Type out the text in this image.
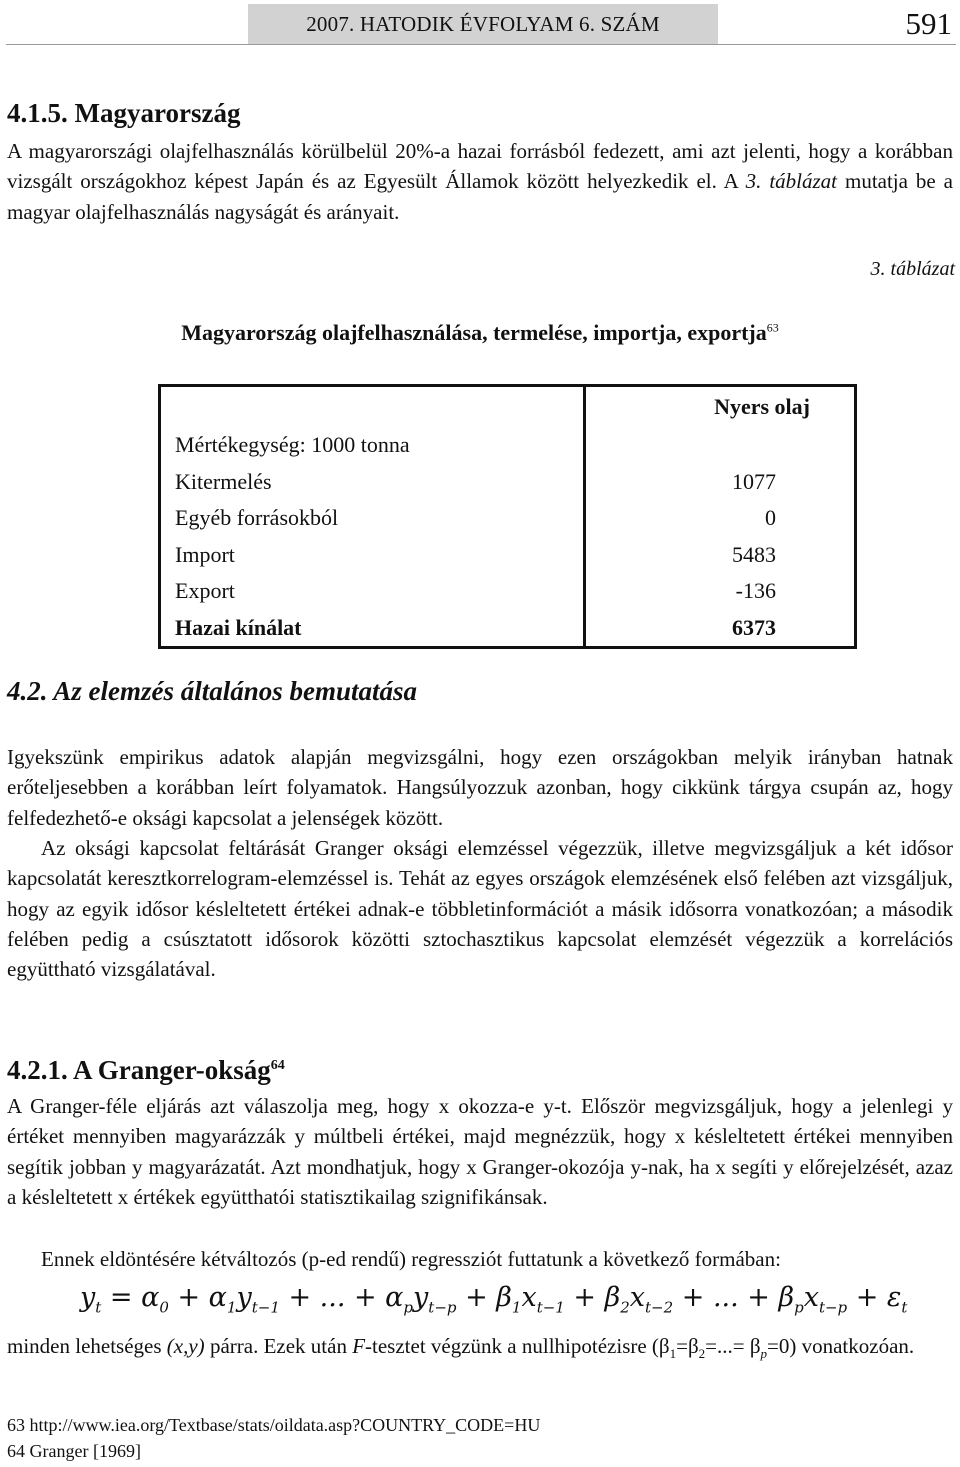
2007. HATODIK ÉVFOLYAM 6. SZÁM	591
4.1.5. Magyarország
A magyarországi olajfelhasználás körülbelül 20%-a hazai forrásból fedezett, ami azt jelenti, hogy a korábban vizsgált országokhoz képest Japán és az Egyesült Államok között helyezkedik el. A 3. táblázat mutatja be a magyar olajfelhasználás nagyságát és arányait.
3. táblázat
Magyarország olajfelhasználása, termelése, importja, exportja$^{63}$
	Nyers olaj
Mértékegység: 1000 tonna	
Kitermelés	1077
Egyéb forrásokból	0
Import	5483
Export	-136
Hazai kínálat	6373
4.2. Az elemzés általános bemutatása
Igyekszünk empirikus adatok alapján megvizsgálni, hogy ezen országokban melyik irányban hatnak erőteljesebben a korábban leírt folyamatok. Hangsúlyozzuk azonban, hogy cikkünk tárgya csupán az, hogy felfedezhető-e oksági kapcsolat a jelenségek között.
Az oksági kapcsolat feltárását Granger oksági elemzéssel végezzük, illetve megvizsgáljuk a két idősor kapcsolatát keresztkorrelogram-elemzéssel is. Tehát az egyes országok elemzésének első felében azt vizsgáljuk, hogy az egyik idősor késleltetett értékei adnak-e többletinformációt a másik idősorra vonatkozóan; a második felében pedig a csúsztatott idősorok közötti sztochasztikus kapcsolat elemzését végezzük a korrelációs együttható vizsgálatával.
4.2.1. A Granger-okság$^{64}$
A Granger-féle eljárás azt válaszolja meg, hogy x okozza-e y-t. Először megvizsgáljuk, hogy a jelenlegi y értéket mennyiben magyarázzák y múltbeli értékei, majd megnézzük, hogy x késleltetett értékei mennyiben segítik jobban y magyarázatát. Azt mondhatjuk, hogy x Granger-okozója y-nak, ha x segíti y előrejelzését, azaz a késleltetett x értékek együtthatói statisztikailag szignifikánsak.
Ennek eldöntésére kétváltozós (p-ed rendű) regressziót futtatunk a következő formában:
$y_t = \alpha_0 + \alpha_1y_{t-1}$ + ... + $\alpha_py_{t-p} + \beta_1x_{t-1} + \beta_2x_{t-2}$ + ... + $\beta_px_{t-p} + \varepsilon_t$
minden lehetséges (x,y) párra. Ezek után F-tesztet végzünk a nullhipotézisre $(\beta_1=\beta_2=...= \beta_p=0)$ vonatkozóan.
63 http://www.iea.org/Textbase/stats/oildata.asp?COUNTRY_CODE=HU
64 Granger [1969]
